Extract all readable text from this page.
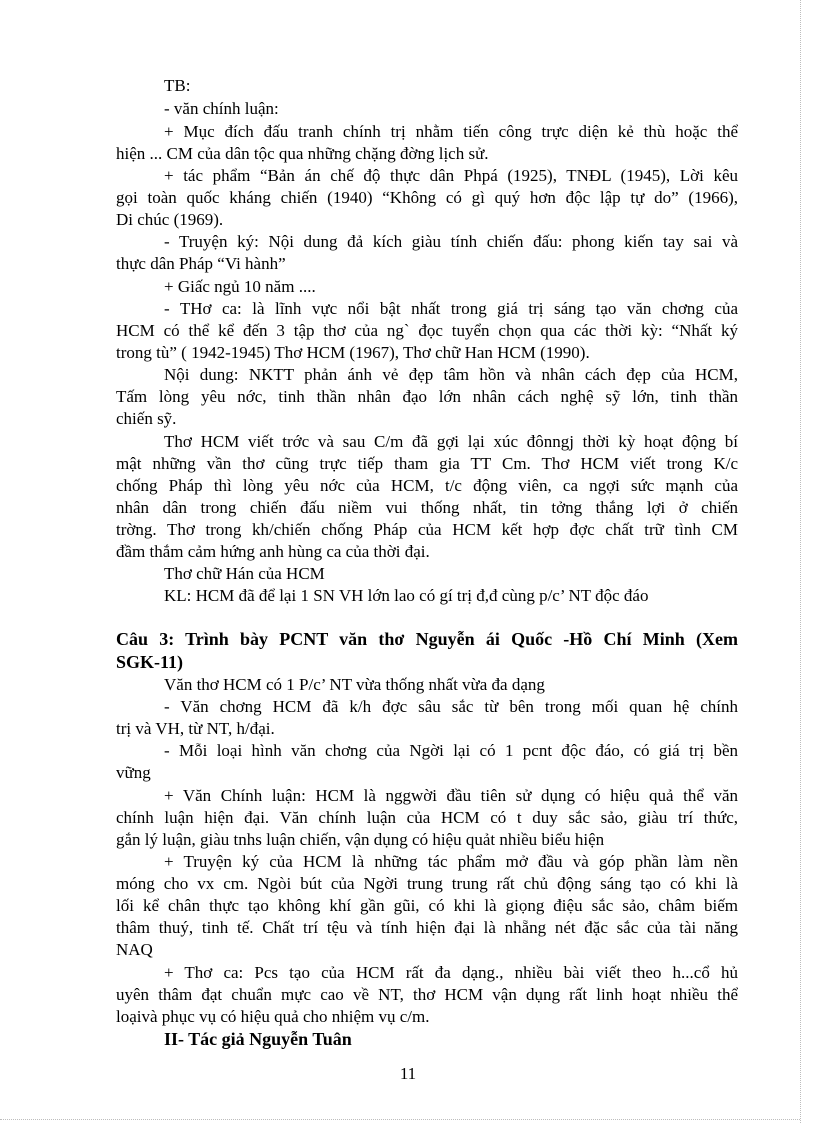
TB:
- văn chính luận:
+ Mục đích đấu tranh chính trị nhằm tiến công trực diện kẻ thù hoặc thể
hiện ... CM của dân tộc qua những chặng đờng lịch sử.
+ tác phẩm “Bản án chế độ thực dân Phpá (1925), TNĐL (1945), Lời kêu
gọi toàn quốc kháng chiến (1940) “Không có gì quý hơn độc lập tự do” (1966),
Di chúc (1969).
- Truyện ký: Nội dung đả kích giàu tính chiến đấu: phong kiến tay sai và
thực dân Pháp “Vi hành”
+ Giấc ngủ 10 năm ....
- THơ ca: là lĩnh vực nổi bật nhất trong giá trị sáng tạo văn chơng của
HCM có thể kể đến 3 tập thơ của ng` đọc tuyển chọn qua các thời kỳ: “Nhất ký
trong tù” ( 1942-1945) Thơ HCM (1967), Thơ chữ Han HCM (1990).
Nội dung: NKTT phản ánh vẻ đẹp tâm hồn và nhân cách đẹp của HCM,
Tấm lòng yêu nớc, tinh thần nhân đạo lớn nhân cách nghệ sỹ lớn, tinh thần
chiến sỹ.
Thơ HCM viết trớc và sau C/m đã gợi lại xúc đônngj thời kỳ hoạt động bí
mật những vần thơ cũng trực tiếp tham gia TT Cm. Thơ HCM viết trong K/c
chống Pháp thì lòng yêu nớc của HCM, t/c động viên, ca ngợi sức mạnh của
nhân dân trong chiến đấu niềm vui thống nhất, tin tởng thắng lợi ở chiến
trờng. Thơ trong kh/chiến chống Pháp của HCM kết hợp đợc chất trữ tình CM
đầm thắm cảm hứng anh hùng ca của thời đại.
Thơ chữ Hán của HCM
KL: HCM đã để lại 1 SN VH lớn lao có gí trị đ,đ cùng p/c’ NT độc đáo
Câu 3: Trình bày PCNT văn thơ Nguyễn ái Quốc -Hồ Chí Minh (Xem
SGK-11)
Văn thơ HCM có 1 P/c’ NT vừa thống nhất vừa đa dạng
- Văn chơng HCM đã k/h đợc sâu sắc từ bên trong mối quan hệ chính
trị và VH, từ NT, h/đại.
- Mỗi loại hình văn chơng của Ngời lại có 1 pcnt độc đáo, có giá trị bền
vững
+ Văn Chính luận: HCM là nggwời đầu tiên sử dụng có hiệu quả thể văn
chính luận hiện đại. Văn chính luận của HCM có t duy sắc sảo, giàu trí thức,
gắn lý luận, giàu tnhs luận chiến, vận dụng có hiệu quảt nhiều biểu hiện
+ Truyện ký của HCM là những tác phẩm mở đầu và góp phần làm nền
móng cho vx cm. Ngòi bút của Ngời trung trung rất chủ động sáng tạo có khi là
lối kể chân thực tạo không khí gần gũi, có khi là giọng điệu sắc sảo, châm biếm
thâm thuý, tinh tế. Chất trí tệu và tính hiện đại là nhẵng nét đặc sắc của tài năng
NAQ
+ Thơ ca: Pcs tạo của HCM rất đa dạng., nhiều bài viết theo h...cổ hủ
uyên thâm đạt chuẩn mực cao về NT, thơ HCM vận dụng rất linh hoạt nhiều thể
loạivà phục vụ có hiệu quả cho nhiệm vụ c/m.
II- Tác giả Nguyễn Tuân
11
